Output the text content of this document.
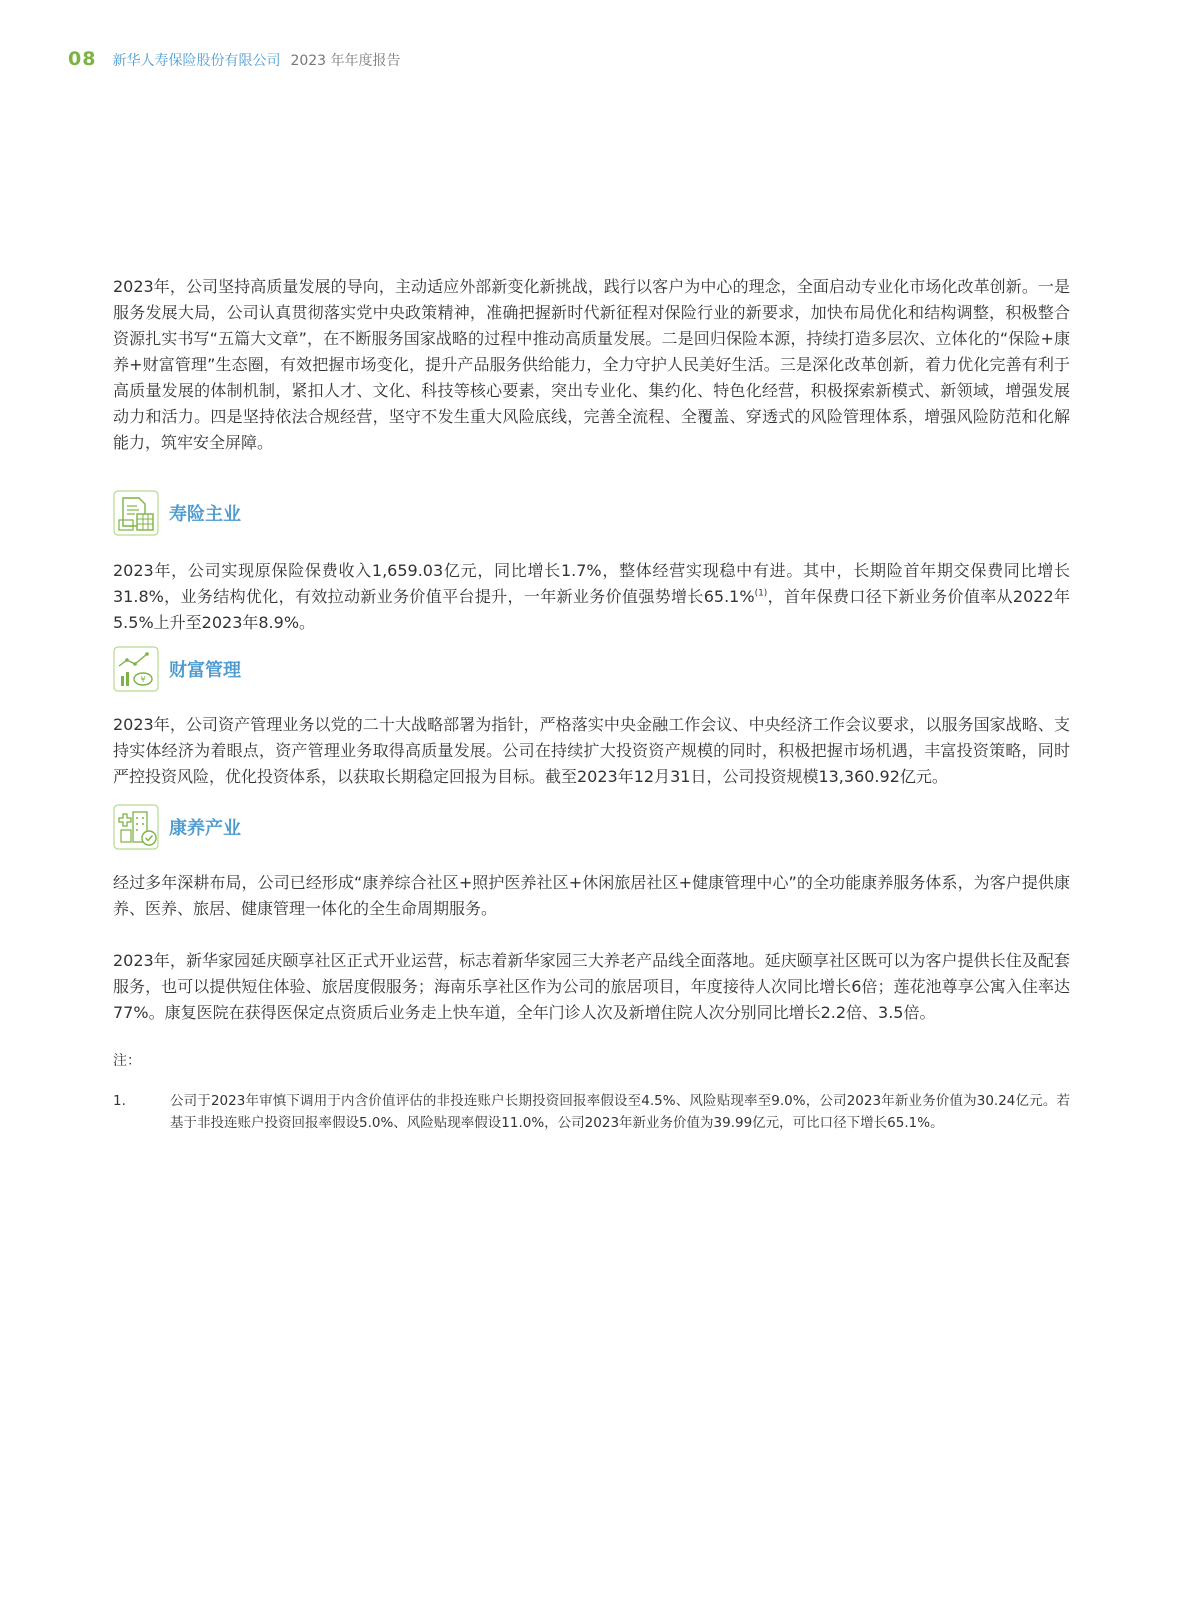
08 新华人寿保险股份有限公司 2023 年年度报告

2023年，公司坚持高质量发展的导向，主动适应外部新变化新挑战，践行以客户为中心的理念，全面启动专业化市场化改革创新。一是服务发展大局，公司认真贯彻落实党中央政策精神，准确把握新时代新征程对保险行业的新要求，加快布局优化和结构调整，积极整合资源扎实书写“五篇大文章”，在不断服务国家战略的过程中推动高质量发展。二是回归保险本源，持续打造多层次、立体化的“保险+康养+财富管理”生态圈，有效把握市场变化，提升产品服务供给能力，全力守护人民美好生活。三是深化改革创新，着力优化完善有利于高质量发展的体制机制，紧扣人才、文化、科技等核心要素，突出专业化、集约化、特色化经营，积极探索新模式、新领域，增强发展动力和活力。四是坚持依法合规经营，坚守不发生重大风险底线，完善全流程、全覆盖、穿透式的风险管理体系，增强风险防范和化解能力，筑牢安全屏障。

寿险主业

2023年，公司实现原保险保费收入1,659.03亿元，同比增长1.7%，整体经营实现稳中有进。其中，长期险首年期交保费同比增长31.8%，业务结构优化，有效拉动新业务价值平台提升，一年新业务价值强势增长65.1%$^{(1)}$，首年保费口径下新业务价值率从2022年5.5%上升至2023年8.9%。

¥ 财富管理

2023年，公司资产管理业务以党的二十大战略部署为指针，严格落实中央金融工作会议、中央经济工作会议要求，以服务国家战略、支持实体经济为着眼点，资产管理业务取得高质量发展。公司在持续扩大投资资产规模的同时，积极把握市场机遇，丰富投资策略，同时严控投资风险，优化投资体系，以获取长期稳定回报为目标。截至2023年12月31日，公司投资规模13,360.92亿元。

康养产业

经过多年深耕布局，公司已经形成“康养综合社区+照护医养社区+休闲旅居社区+健康管理中心”的全功能康养服务体系，为客户提供康养、医养、旅居、健康管理一体化的全生命周期服务。

2023年，新华家园延庆颐享社区正式开业运营，标志着新华家园三大养老产品线全面落地。延庆颐享社区既可以为客户提供长住及配套服务，也可以提供短住体验、旅居度假服务；海南乐享社区作为公司的旅居项目，年度接待人次同比增长6倍；莲花池尊享公寓入住率达77%。康复医院在获得医保定点资质后业务走上快车道，全年门诊人次及新增住院人次分别同比增长2.2倍、3.5倍。

注：

1.	公司于2023年审慎下调用于内含价值评估的非投连账户长期投资回报率假设至4.5%、风险贴现率至9.0%，公司2023年新业务价值为30.24亿元。若基于非投连账户投资回报率假设5.0%、风险贴现率假设11.0%，公司2023年新业务价值为39.99亿元，可比口径下增长65.1%。
